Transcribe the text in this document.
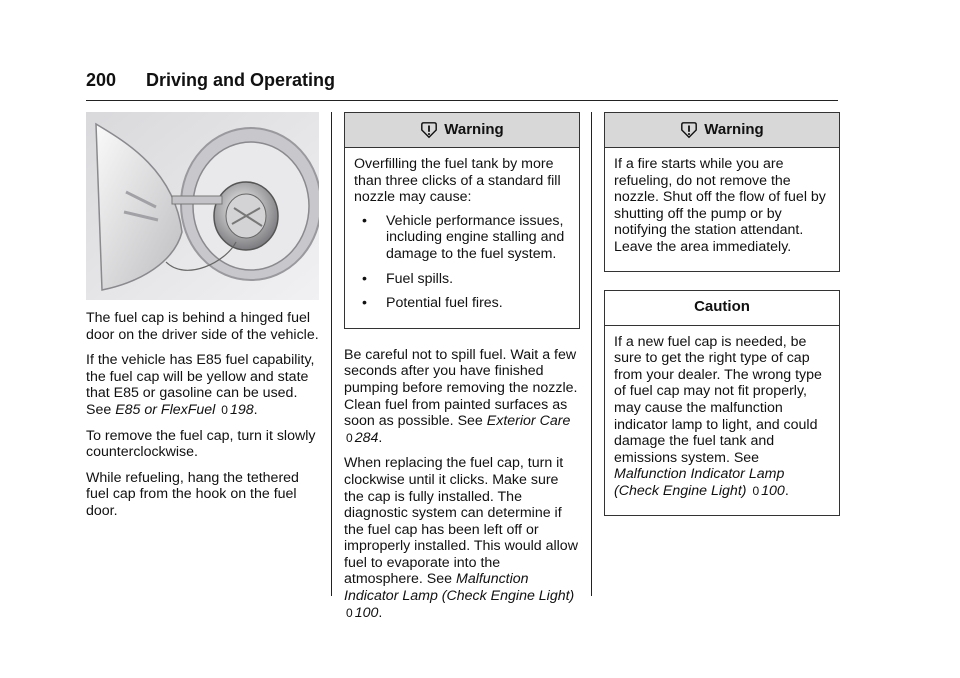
200 Driving and Operating

The fuel cap is behind a hinged fuel door on the driver side of the vehicle.

If the vehicle has E85 fuel capability, the fuel cap will be yellow and state that E85 or gasoline can be used. See E85 or FlexFuel 0 198.

To remove the fuel cap, turn it slowly counterclockwise.

While refueling, hang the tethered fuel cap from the hook on the fuel door.

Warning

Overfilling the fuel tank by more than three clicks of a standard fill nozzle may cause:

• Vehicle performance issues, including engine stalling and damage to the fuel system.
• Fuel spills.
• Potential fuel fires.

Be careful not to spill fuel. Wait a few seconds after you have finished pumping before removing the nozzle. Clean fuel from painted surfaces as soon as possible. See Exterior Care 0 284.

When replacing the fuel cap, turn it clockwise until it clicks. Make sure the cap is fully installed. The diagnostic system can determine if the fuel cap has been left off or improperly installed. This would allow fuel to evaporate into the atmosphere. See Malfunction Indicator Lamp (Check Engine Light) 0 100.

Warning

If a fire starts while you are refueling, do not remove the nozzle. Shut off the flow of fuel by shutting off the pump or by notifying the station attendant. Leave the area immediately.

Caution

If a new fuel cap is needed, be sure to get the right type of cap from your dealer. The wrong type of fuel cap may not fit properly, may cause the malfunction indicator lamp to light, and could damage the fuel tank and emissions system. See Malfunction Indicator Lamp (Check Engine Light) 0 100.
